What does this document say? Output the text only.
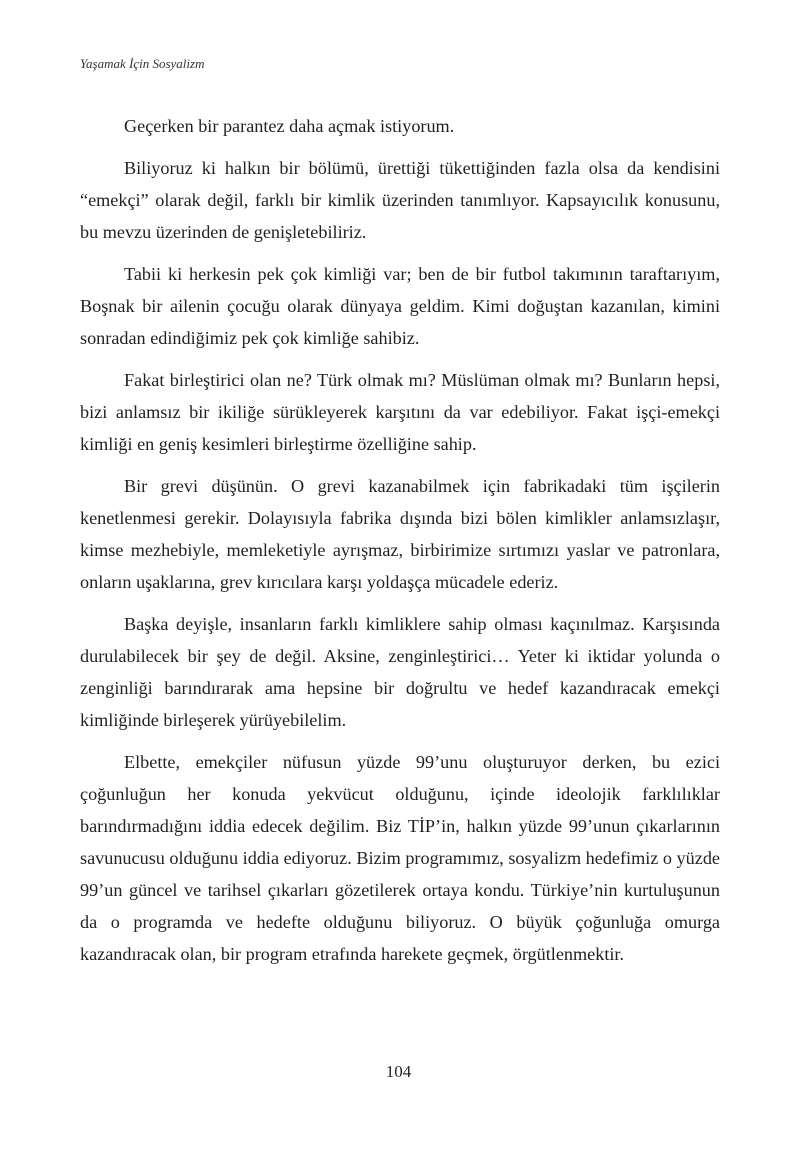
Yaşamak İçin Sosyalizm

Geçerken bir parantez daha açmak istiyorum.

Biliyoruz ki halkın bir bölümü, ürettiği tükettiğinden fazla olsa da kendisini “emekçi” olarak değil, farklı bir kimlik üzerinden tanımlıyor. Kapsayıcılık konusunu, bu mevzu üzerinden de genişletebiliriz.

Tabii ki herkesin pek çok kimliği var; ben de bir futbol takımının taraftarıyım, Boşnak bir ailenin çocuğu olarak dünyaya geldim. Kimi doğuştan kazanılan, kimini sonradan edindiğimiz pek çok kimliğe sahibiz.

Fakat birleştirici olan ne? Türk olmak mı? Müslüman olmak mı? Bunların hepsi, bizi anlamsız bir ikiliğe sürükleyerek karşıtını da var edebiliyor. Fakat işçi-emekçi kimliği en geniş kesimleri birleştirme özelliğine sahip.

Bir grevi düşünün. O grevi kazanabilmek için fabrikadaki tüm işçilerin kenetlenmesi gerekir. Dolayısıyla fabrika dışında bizi bölen kimlikler anlamsızlaşır, kimse mezhebiyle, memleketiyle ayrışmaz, birbirimize sırtımızı yaslar ve patronlara, onların uşaklarına, grev kırıcılara karşı yoldaşça mücadele ederiz.

Başka deyişle, insanların farklı kimliklere sahip olması kaçınılmaz. Karşısında durulabilecek bir şey de değil. Aksine, zenginleştirici… Yeter ki iktidar yolunda o zenginliği barındırarak ama hepsine bir doğrultu ve hedef kazandıracak emekçi kimliğinde birleşerek yürüyebilelim.

Elbette, emekçiler nüfusun yüzde 99’unu oluşturuyor derken, bu ezici çoğunluğun her konuda yekvücut olduğunu, içinde ideolojik farklılıklar barındırmadığını iddia edecek değilim. Biz TİP’in, halkın yüzde 99’unun çıkarlarının savunucusu olduğunu iddia ediyoruz. Bizim programımız, sosyalizm hedefimiz o yüzde 99’un güncel ve tarihsel çıkarları gözetilerek ortaya kondu. Türkiye’nin kurtuluşunun da o programda ve hedefte olduğunu biliyoruz. O büyük çoğunluğa omurga kazandıracak olan, bir program etrafında harekete geçmek, örgütlenmektir.

104
